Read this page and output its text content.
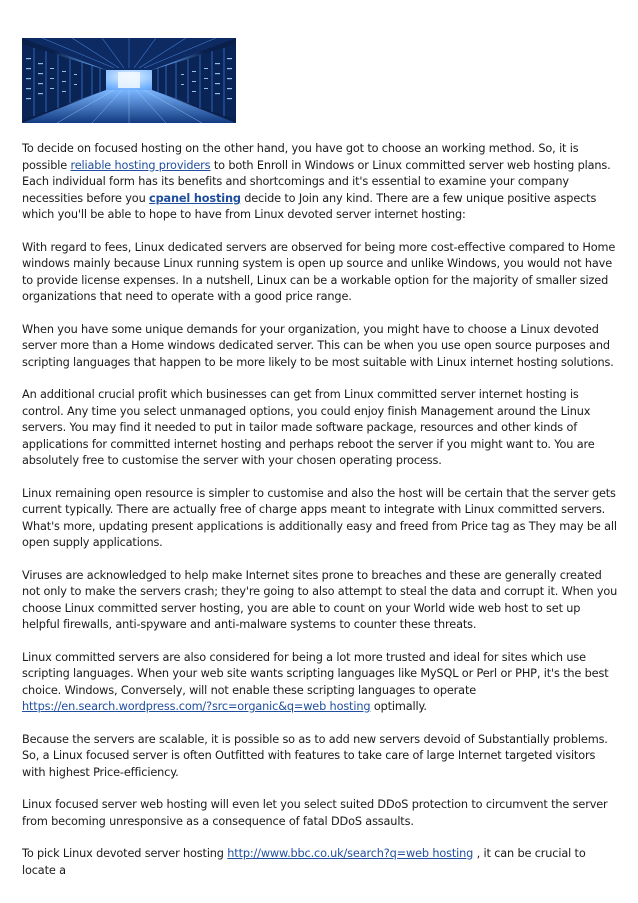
To decide on focused hosting on the other hand, you have got to choose an working method. So, it is possible reliable hosting providers to both Enroll in Windows or Linux committed server web hosting plans. Each individual form has its benefits and shortcomings and it's essential to examine your company necessities before you cpanel hosting decide to Join any kind. There are a few unique positive aspects which you'll be able to hope to have from Linux devoted server internet hosting:

With regard to fees, Linux dedicated servers are observed for being more cost-effective compared to Home windows mainly because Linux running system is open up source and unlike Windows, you would not have to provide license expenses. In a nutshell, Linux can be a workable option for the majority of smaller sized organizations that need to operate with a good price range.

When you have some unique demands for your organization, you might have to choose a Linux devoted server more than a Home windows dedicated server. This can be when you use open source purposes and scripting languages that happen to be more likely to be most suitable with Linux internet hosting solutions.

An additional crucial profit which businesses can get from Linux committed server internet hosting is control. Any time you select unmanaged options, you could enjoy finish Management around the Linux servers. You may find it needed to put in tailor made software package, resources and other kinds of applications for committed internet hosting and perhaps reboot the server if you might want to. You are absolutely free to customise the server with your chosen operating process.

Linux remaining open resource is simpler to customise and also the host will be certain that the server gets current typically. There are actually free of charge apps meant to integrate with Linux committed servers. What's more, updating present applications is additionally easy and freed from Price tag as They may be all open supply applications.

Viruses are acknowledged to help make Internet sites prone to breaches and these are generally created not only to make the servers crash; they're going to also attempt to steal the data and corrupt it. When you choose Linux committed server hosting, you are able to count on your World wide web host to set up helpful firewalls, anti-spyware and anti-malware systems to counter these threats.

Linux committed servers are also considered for being a lot more trusted and ideal for sites which use scripting languages. When your web site wants scripting languages like MySQL or Perl or PHP, it's the best choice. Windows, Conversely, will not enable these scripting languages to operate https://en.search.wordpress.com/?src=organic&q=web hosting optimally.

Because the servers are scalable, it is possible so as to add new servers devoid of Substantially problems. So, a Linux focused server is often Outfitted with features to take care of large Internet targeted visitors with highest Price-efficiency.

Linux focused server web hosting will even let you select suited DDoS protection to circumvent the server from becoming unresponsive as a consequence of fatal DDoS assaults.

To pick Linux devoted server hosting http://www.bbc.co.uk/search?q=web hosting , it can be crucial to locate a
